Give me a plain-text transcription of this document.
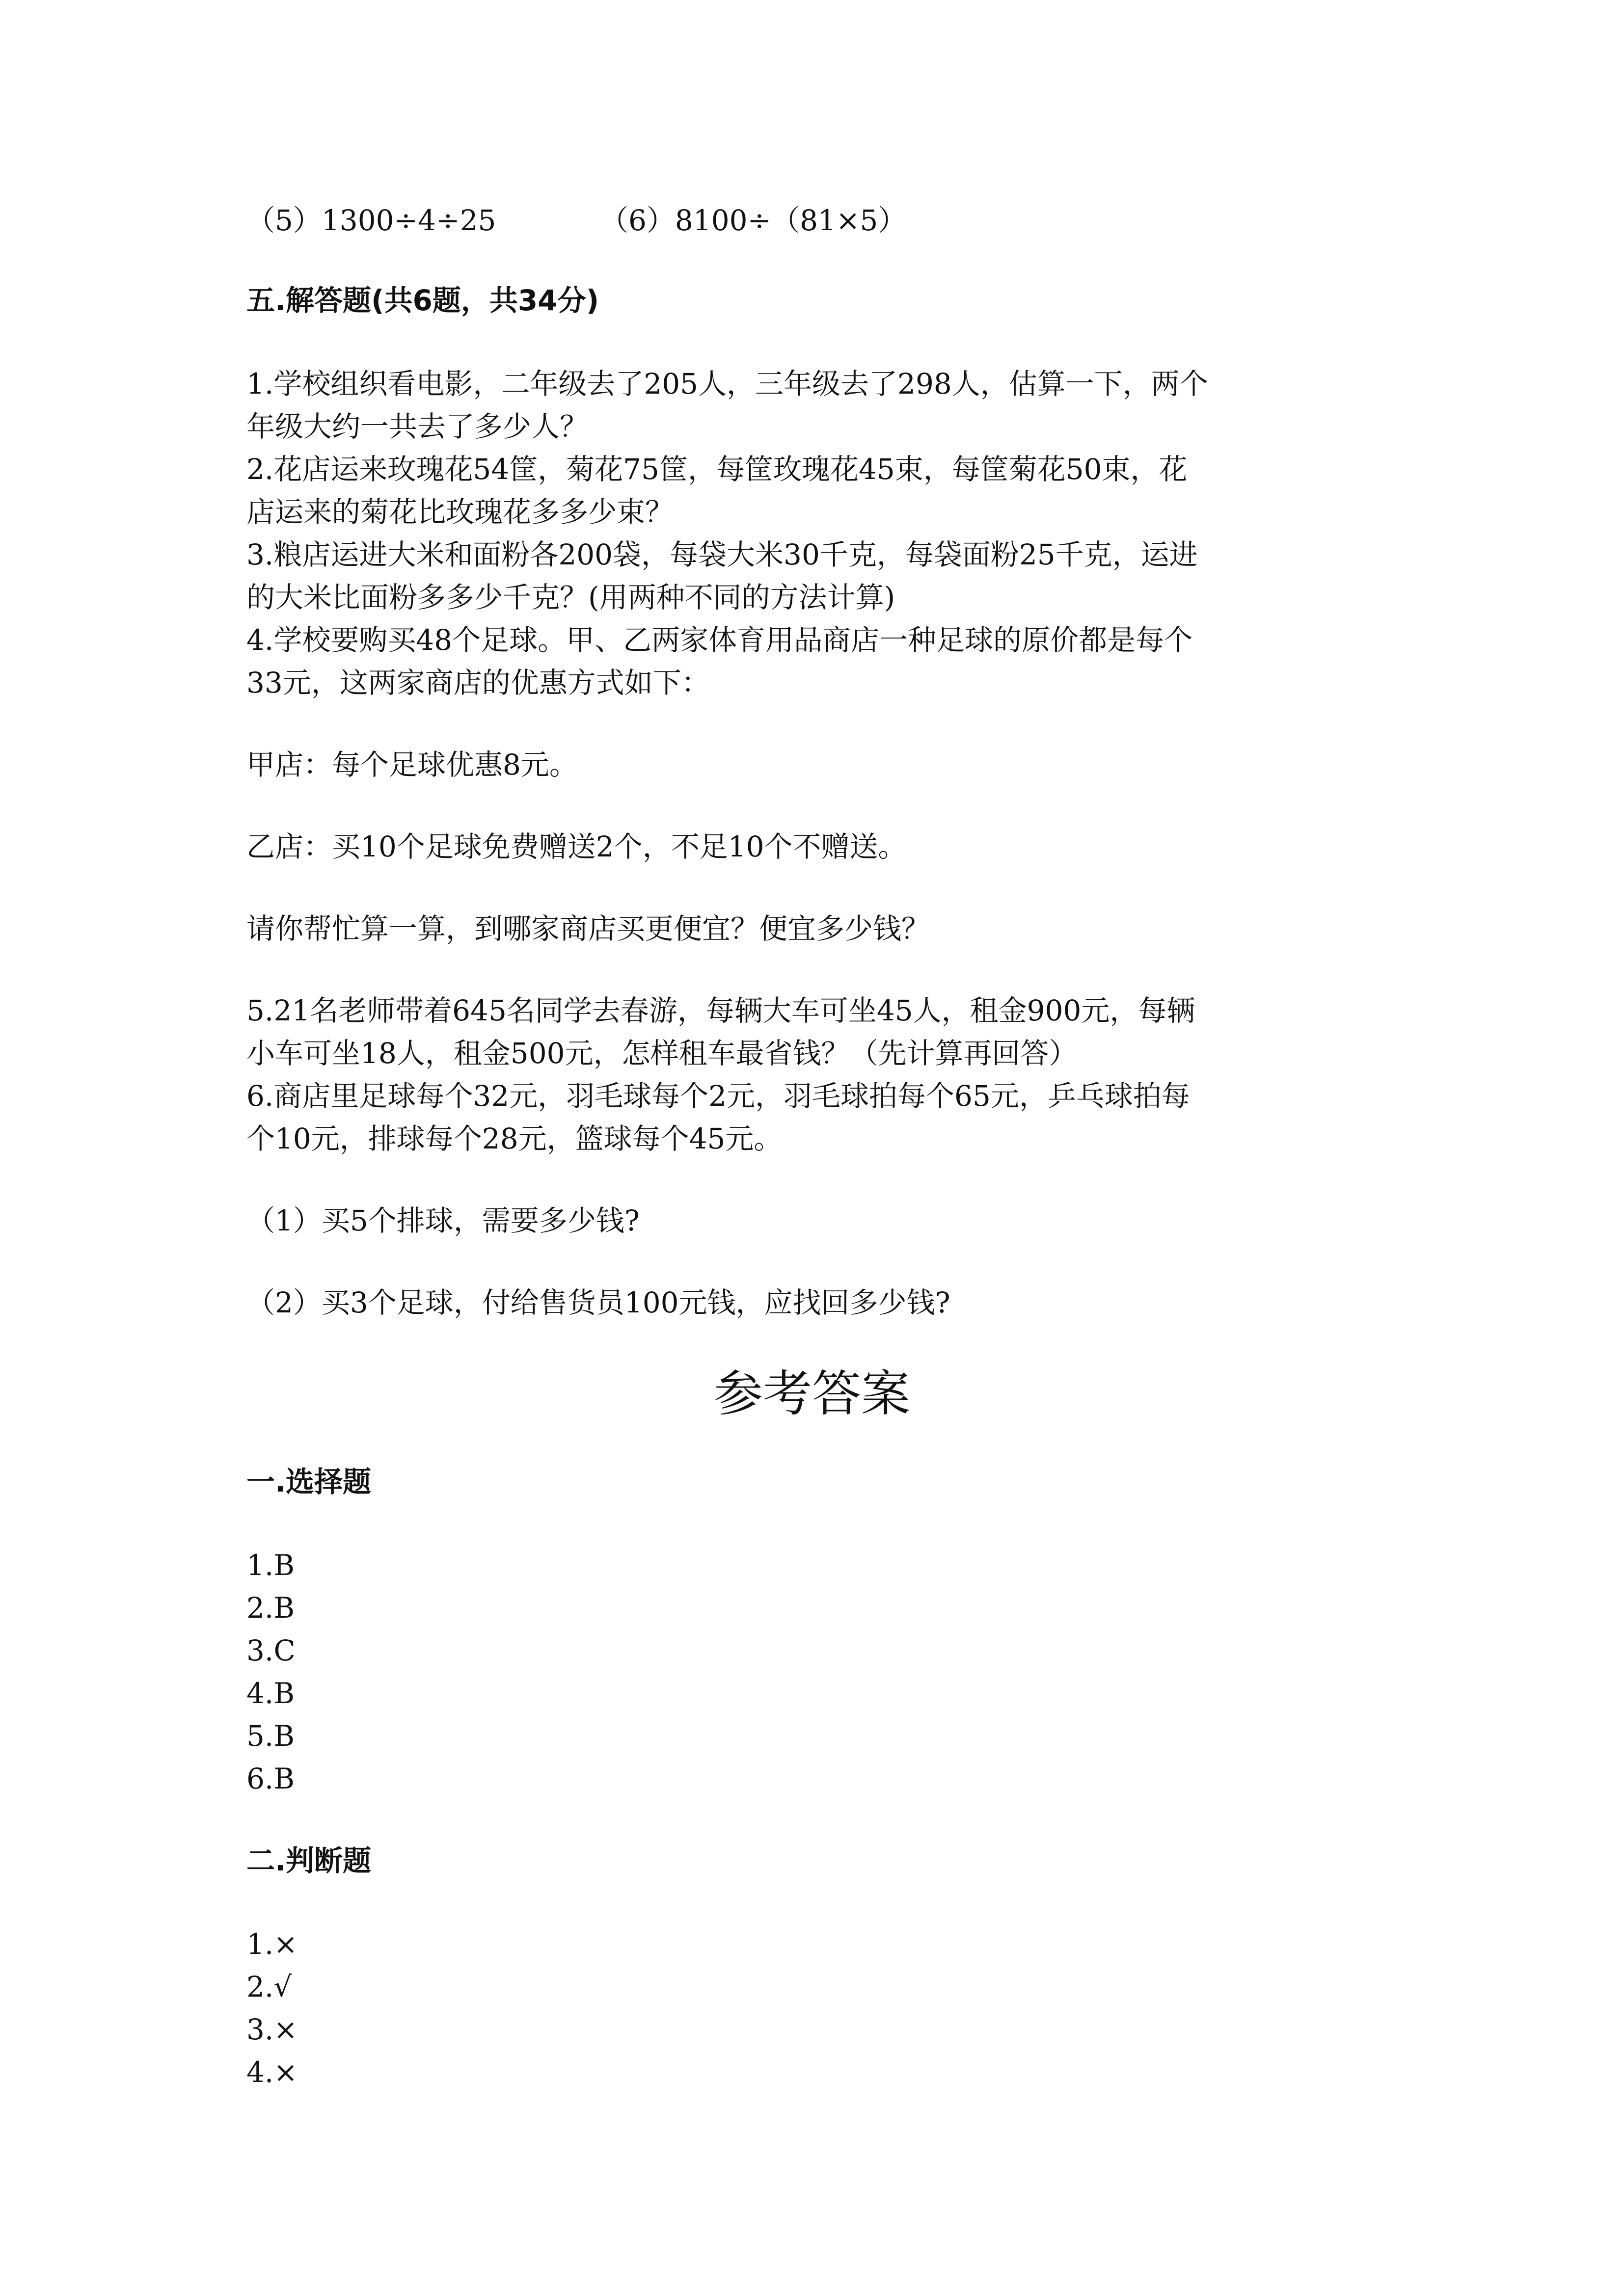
（5）1300÷4÷25	（6）8100÷（81×5）
五.解答题(共6题，共34分)
1.学校组织看电影，二年级去了205人，三年级去了298人，估算一下，两个
年级大约一共去了多少人？
2.花店运来玫瑰花54筐，菊花75筐，每筐玫瑰花45束，每筐菊花50束，花
店运来的菊花比玫瑰花多多少束？
3.粮店运进大米和面粉各200袋，每袋大米30千克，每袋面粉25千克，运进
的大米比面粉多多少千克？(用两种不同的方法计算)
4.学校要购买48个足球。甲、乙两家体育用品商店一种足球的原价都是每个
33元，这两家商店的优惠方式如下：
甲店：每个足球优惠8元。
乙店：买10个足球免费赠送2个，不足10个不赠送。
请你帮忙算一算，到哪家商店买更便宜？便宜多少钱？
5.21名老师带着645名同学去春游，每辆大车可坐45人，租金900元，每辆
小车可坐18人，租金500元，怎样租车最省钱？（先计算再回答）
6.商店里足球每个32元，羽毛球每个2元，羽毛球拍每个65元，乒乓球拍每
个10元，排球每个28元，篮球每个45元。
（1）买5个排球，需要多少钱?
（2）买3个足球，付给售货员100元钱，应找回多少钱?
参考答案
一.选择题
1.B
2.B
3.C
4.B
5.B
6.B
二.判断题
1.×
2.√
3.×
4.×
